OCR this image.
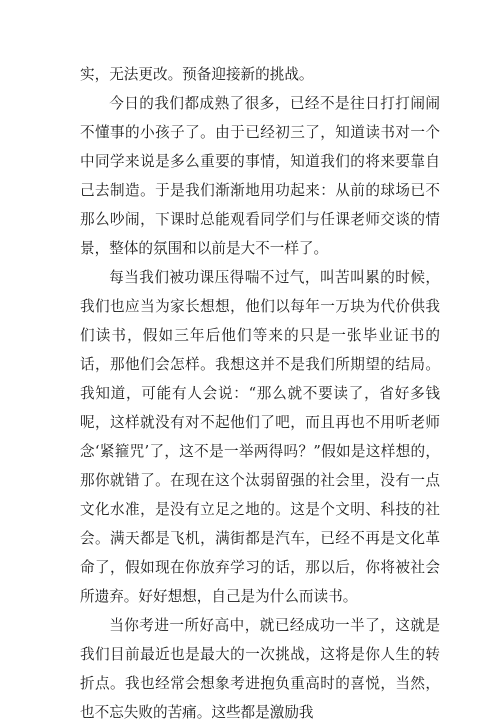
实，无法更改。预备迎接新的挑战。

今日的我们都成熟了很多，已经不是往日打打闹闹不懂事的小孩子了。由于已经初三了，知道读书对一个中同学来说是多么重要的事情，知道我们的将来要靠自己去制造。于是我们渐渐地用功起来：从前的球场已不那么吵闹，下课时总能观看同学们与任课老师交谈的情景，整体的氛围和以前是大不一样了。

每当我们被功课压得喘不过气，叫苦叫累的时候，我们也应当为家长想想，他们以每年一万块为代价供我们读书，假如三年后他们等来的只是一张毕业证书的话，那他们会怎样。我想这并不是我们所期望的结局。我知道，可能有人会说：“那么就不要读了，省好多钱呢，这样就没有对不起他们了吧，而且再也不用听老师念‘紧箍咒’了，这不是一举两得吗？”假如是这样想的，那你就错了。在现在这个汰弱留强的社会里，没有一点文化水准，是没有立足之地的。这是个文明、科技的社会。满天都是飞机，满街都是汽车，已经不再是文化革命了，假如现在你放弃学习的话，那以后，你将被社会所遗弃。好好想想，自己是为什么而读书。

当你考进一所好高中，就已经成功一半了，这就是我们目前最近也是最大的一次挑战，这将是你人生的转折点。我也经常会想象考进抱负重高时的喜悦，当然，也不忘失败的苦痛。这些都是激励我
